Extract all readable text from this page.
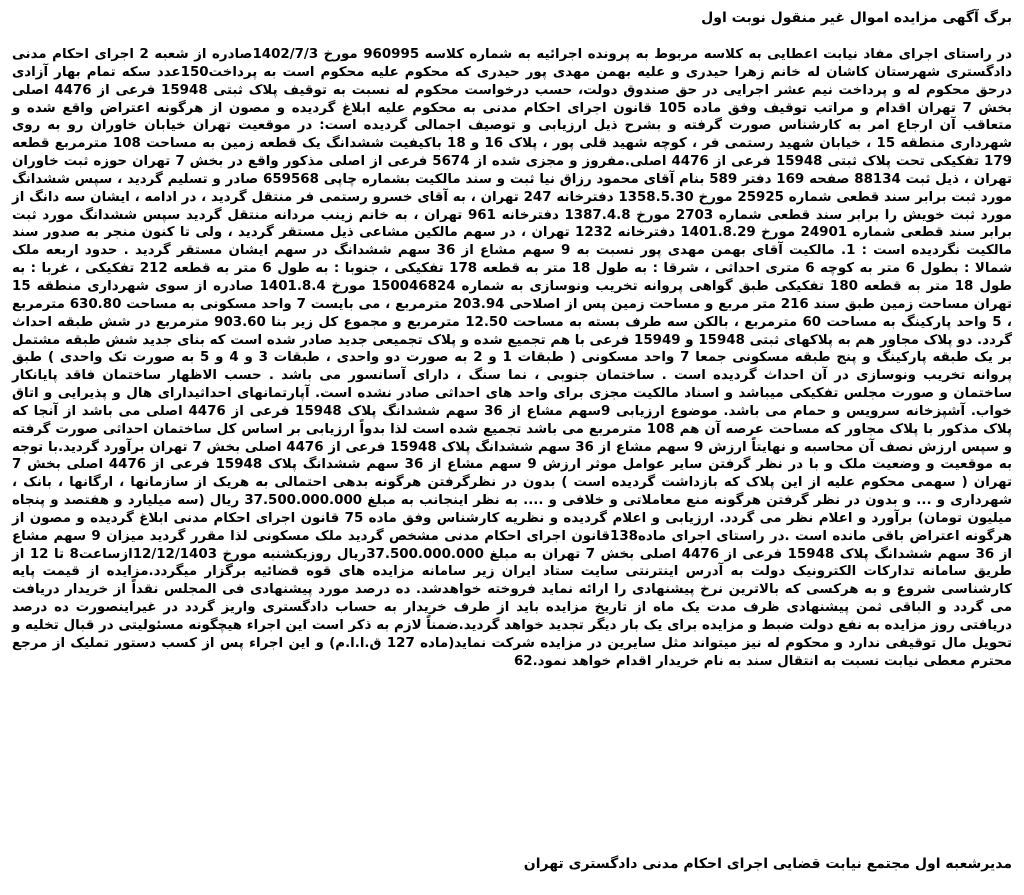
برگ آگهی مزایده اموال غیر منقول نوبت اول

در راستای اجرای مفاد نیابت اعطایی به کلاسه مربوط به پرونده اجرائیه به شماره کلاسه 960995 مورخ 1402/7/3صادره از شعبه 2 اجرای احکام مدنی دادگستری شهرستان کاشان له خانم زهرا حیدری و علیه بهمن مهدی پور حیدری که محکوم علیه محکوم است به پرداخت150عدد سکه تمام بهار آزادی درحق محکوم له و پرداخت نیم عشر اجرایی در حق صندوق دولت، حسب درخواست محکوم له نسبت به توقیف پلاک ثبتی 15948 فرعی از 4476 اصلی بخش 7 تهران اقدام و مراتب توقیف وفق ماده 105 قانون اجرای احکام مدنی به محکوم علیه ابلاغ گردیده و مصون از هرگونه اعتراض واقع شده و متعاقب آن ارجاع امر به کارشناس صورت گرفته و بشرح ذیل ارزیابی و توصیف اجمالی گردیده است: در موقعیت تهران خیابان خاوران رو به روی شهرداری منطقه 15 ، خیابان شهید رستمی فر ، کوچه شهید قلی پور ، پلاک 16 و 18 باکیفیت ششدانگ یک قطعه زمین به مساحت 108 مترمربع قطعه 179 تفکیکی تحت پلاک ثبتی 15948 فرعی از 4476 اصلی.مفروز و مجزی شده از 5674 فرعی از اصلی مذکور واقع در بخش 7 تهران حوزه ثبت خاوران تهران ، ذیل ثبت 88134 صفحه 169 دفتر 589 بنام آقای محمود رزاق نیا ثبت و سند مالکیت بشماره چاپی 659568 صادر و تسلیم گردید ، سپس ششدانگ مورد ثبت برابر سند قطعی شماره 25925 مورخ 1358.5.30 دفترخانه 247 تهران ، به آقای خسرو رستمی فر منتقل گردید ، در ادامه ، ایشان سه دانگ از مورد ثبت خویش را برابر سند قطعی شماره 2703 مورخ 1387.4.8 دفترخانه 961 تهران ، به خانم زینب مردانه منتقل گردید سپس ششدانگ مورد ثبت برابر سند قطعی شماره 24901 مورخ 1401.8.29 دفترخانه 1232 تهران ، در سهم مالکین مشاعی ذیل مستقر گردید ، ولی تا کنون منجر به صدور سند مالکیت نگردیده است : 1. مالکیت آقای بهمن مهدی پور نسبت به 9 سهم مشاع از 36 سهم ششدانگ در سهم ایشان مستقر گردید . حدود اربعه ملک شمالا : بطول 6 متر به کوچه 6 متری احداثی ، شرقا : به طول 18 متر به قطعه 178 تفکیکی ، جنوبا : به طول 6 متر به قطعه 212 تفکیکی ، غربا : به طول 18 متر به قطعه 180 تفکیکی طبق گواهی پروانه تخریب ونوسازی به شماره 150046824 مورخ 1401.8.4 صادره از سوی شهرداری منطقه 15 تهران مساحت زمین طبق سند 216 متر مربع و مساحت زمین پس از اصلاحی 203.94 مترمربع ، می بایست 7 واحد مسکونی به مساحت 630.80 مترمربع ، 5 واحد پارکینگ به مساحت 60 مترمربع ، بالکن سه طرف بسته به مساحت 12.50 مترمربع و مجموع کل زیر بنا 903.60 مترمربع در شش طبقه احداث گردد. دو پلاک مجاور هم به پلاکهای ثبتی 15948 و 15949 فرعی با هم تجمیع شده و پلاک تجمیعی جدید صادر شده است که بنای جدید شش طبقه مشتمل بر یک طبقه پارکینگ و پنج طبقه مسکونی جمعا 7 واحد مسکونی ( طبقات 1 و 2 به صورت دو واحدی ، طبقات 3 و 4 و 5 به صورت تک واحدی ) طبق پروانه تخریب ونوسازی در آن احداث گردیده است . ساختمان جنوبی ، نما سنگ ، دارای آسانسور می باشد . حسب الاظهار ساختمان فاقد پایانکار ساختمان و صورت مجلس تفکیکی میباشد و اسناد مالکیت مجزی برای واحد های احداثی صادر نشده است. آپارتمانهای احداثیدارای هال و پذیرایی و اتاق خواب. آشپزخانه سرویس و حمام می باشد. موضوع ارزیابی 9سهم مشاع از 36 سهم ششدانگ پلاک 15948 فرعی از 4476 اصلی می باشد از آنجا که پلاک مذکور با پلاک مجاور که مساحت عرصه آن هم 108 مترمربع می باشد تجمیع شده است لذا بدواً ارزیابی بر اساس کل ساختمان احداثی صورت گرفته و سپس ارزش نصف آن محاسبه و نهایتاً ارزش 9 سهم مشاع از 36 سهم ششدانگ پلاک 15948 فرعی از 4476 اصلی بخش 7 تهران برآورد گردید.با توجه به موقعیت و وضعیت ملک و با در نظر گرفتن سایر عوامل موثر ارزش 9 سهم مشاع از 36 سهم ششدانگ پلاک 15948 فرعی از 4476 اصلی بخش 7 تهران ( سهمی محکوم علیه از این پلاک که بازداشت گردیده است ) بدون در نظرگرفتن هرگونه بدهی احتمالی به هریک از سازمانها ، ارگانها ، بانک ، شهرداری و ... و بدون در نظر گرفتن هرگونه منع معاملاتی و خلافی و .... به نظر اینجانب به مبلغ 37.500.000.000 ریال (سه میلیارد و هفتصد و پنجاه میلیون تومان) برآورد و اعلام نظر می گردد. ارزیابی و اعلام گردیده و نظریه کارشناس وفق ماده 75 قانون اجرای احکام مدنی ابلاغ گردیده و مصون از هرگونه اعتراض باقی مانده است .در راستای اجرای ماده138قانون اجرای احکام مدنی مشخص گردید ملک مسکونی لذا مقرر گردید میزان 9 سهم مشاع از 36 سهم ششدانگ پلاک 15948 فرعی از 4476 اصلی بخش 7 تهران به مبلغ 37.500.000.000ریال روزیکشنبه مورخ 12/12/1403ازساعت8 تا 12 از طریق سامانه تدارکات الکترونیک دولت به آدرس اینترنتی سایت ستاد ایران زیر سامانه مزایده های قوه قضائیه برگزار میگردد.مزایده از قیمت پایه کارشناسی شروع و به هرکسی که بالاترین نرخ پیشنهادی را ارائه نماید فروخته خواهدشد. ده درصد مورد پیشنهادی فی المجلس نقداً از خریدار دریافت می گردد و الباقی ثمن پیشنهادی ظرف مدت یک ماه از تاریخ مزایده باید از طرف خریدار به حساب دادگستری واریز گردد در غیراینصورت ده درصد دریافتی روز مزایده به نفع دولت ضبط و مزایده برای یک بار دیگر تجدید خواهد گردید.ضمناً لازم به ذکر است این اجراء هیچگونه مسئولیتی در قبال تخلیه و تحویل مال توقیفی ندارد و محکوم له نیز میتواند مثل سایرین در مزایده شرکت نماید(ماده 127 ق.ا.ا.م) و این اجراء پس از کسب دستور تملیک از مرجع محترم معطی نیابت نسبت به انتقال سند به نام خریدار اقدام خواهد نمود.62

مدیرشعبه اول مجتمع نیابت قضایی اجرای احکام مدنی دادگستری تهران
